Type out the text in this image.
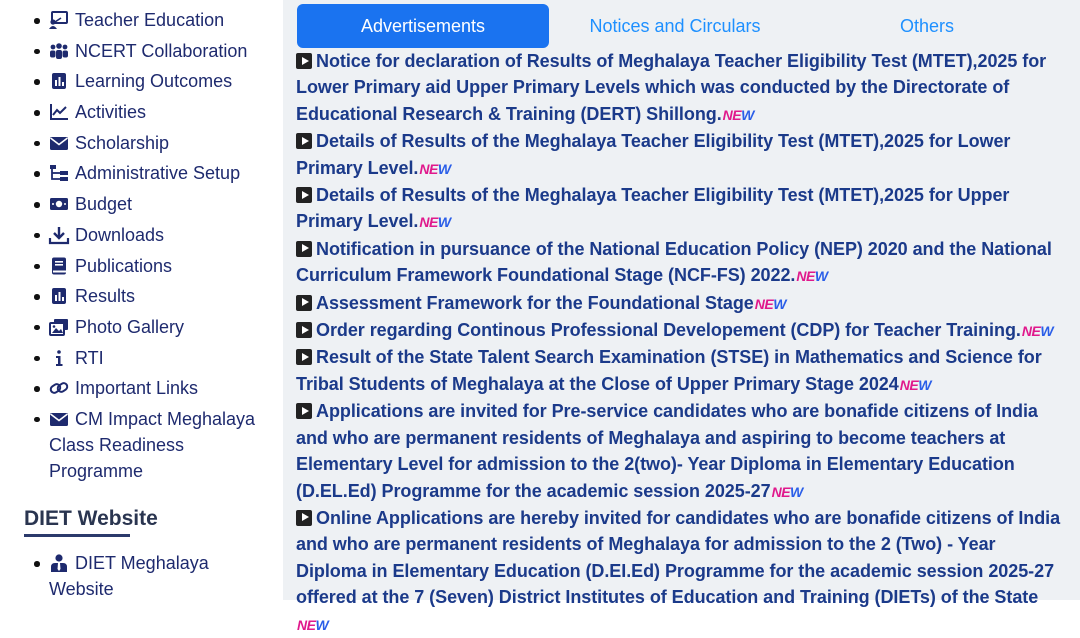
Teacher Education
NCERT Collaboration
Learning Outcomes
Activities
Scholarship
Administrative Setup
Budget
Downloads
Publications
Results
Photo Gallery
RTI
Important Links
CM Impact Meghalaya Class Readiness Programme
DIET Website
DIET Meghalaya Website
Advertisements	Notices and Circulars	Others
Notice for declaration of Results of Meghalaya Teacher Eligibility Test (MTET),2025 for Lower Primary aid Upper Primary Levels which was conducted by the Directorate of Educational Research & Training (DERT) Shillong.NEW
Details of Results of the Meghalaya Teacher Eligibility Test (MTET),2025 for Lower Primary Level.NEW
Details of Results of the Meghalaya Teacher Eligibility Test (MTET),2025 for Upper Primary Level.NEW
Notification in pursuance of the National Education Policy (NEP) 2020 and the National Curriculum Framework Foundational Stage (NCF-FS) 2022.NEW
Assessment Framework for the Foundational StageNEW
Order regarding Continous Professional Developement (CDP) for Teacher Training.NEW
Result of the State Talent Search Examination (STSE) in Mathematics and Science for Tribal Students of Meghalaya at the Close of Upper Primary Stage 2024NEW
Applications are invited for Pre-service candidates who are bonafide citizens of India and who are permanent residents of Meghalaya and aspiring to become teachers at Elementary Level for admission to the 2(two)- Year Diploma in Elementary Education (D.EL.Ed) Programme for the academic session 2025-27NEW
Online Applications are hereby invited for candidates who are bonafide citizens of India and who are permanent residents of Meghalaya for admission to the 2 (Two) - Year Diploma in Elementary Education (D.EI.Ed) Programme for the academic session 2025-27 offered at the 7 (Seven) District Institutes of Education and Training (DIETs) of the StateNEW
